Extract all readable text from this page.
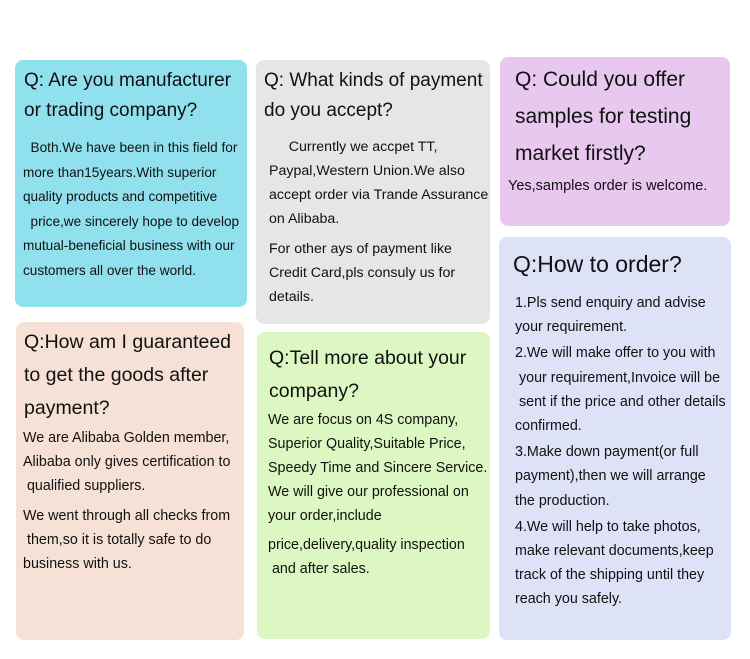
Q: Are you manufacturer or trading company?

Both.We have been in this field for more than15years.With superior quality products and competitive   price,we sincerely hope to develop mutual-beneficial business with our customers all over the world.

Q: What kinds of payment do you accept?

Currently we accpet TT, Paypal,Western Union.We also accept order via Trande Assurance on Alibaba.

For other ays of payment like Credit Card,pls consuly us for details.

Q: Could you offer samples for testing market firstly?

Yes,samples order is welcome.

Q:How am I guaranteed to get the goods after payment?

We are Alibaba Golden member, Alibaba only gives certification to  qualified suppliers.

We went through all checks from  them,so it is totally safe to do business with us.

Q:Tell more about your company?

We are focus on 4S company, Superior Quality,Suitable Price, Speedy Time and Sincere Service. We will give our professional on your order,include

price,delivery,quality inspection  and after sales.

Q:How to order?

1.Pls send enquiry and advise your requirement.

2.We will make offer to you with  your requirement,Invoice will be  sent if the price and other details confirmed.

3.Make down payment(or full payment),then we will arrange the production.

4.We will help to take photos, make relevant documents,keep track of the shipping until they reach you safely.
